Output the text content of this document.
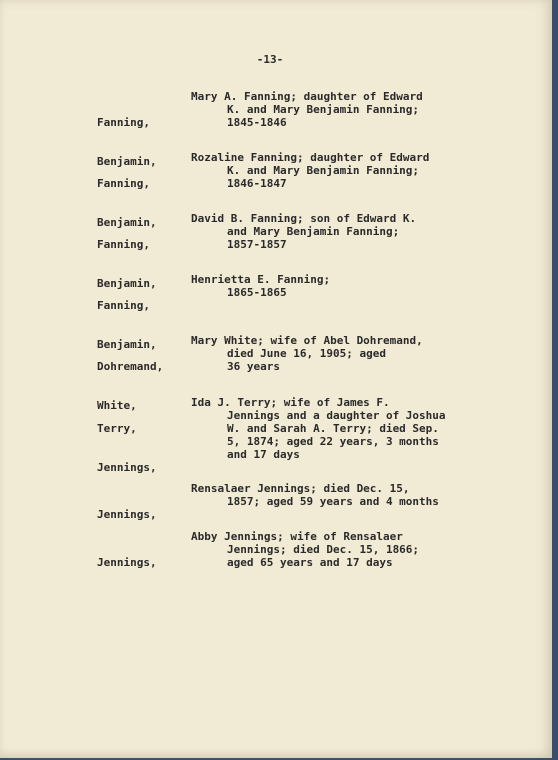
-13-

Fanning,

Benjamin,

Mary A. Fanning; daughter of Edward
K. and Mary Benjamin Fanning;
1845-1846

Fanning,

Benjamin,

Rozaline Fanning; daughter of Edward
K. and Mary Benjamin Fanning;
1846-1847

Fanning,

Benjamin,

David B. Fanning; son of Edward K.
and Mary Benjamin Fanning;
1857-1857

Fanning,

Benjamin,

Henrietta E. Fanning;
1865-1865

Dohremand,

White,

Mary White; wife of Abel Dohremand,
died June 16, 1905; aged
36 years

Terry,

Jennings,

Ida J. Terry; wife of James F.
Jennings and a daughter of Joshua
W. and Sarah A. Terry; died Sep.
5, 1874; aged 22 years, 3 months
and 17 days

Jennings,

Rensalaer Jennings; died Dec. 15,
1857; aged 59 years and 4 months

Jennings,

Abby Jennings; wife of Rensalaer
Jennings; died Dec. 15, 1866;
aged 65 years and 17 days
